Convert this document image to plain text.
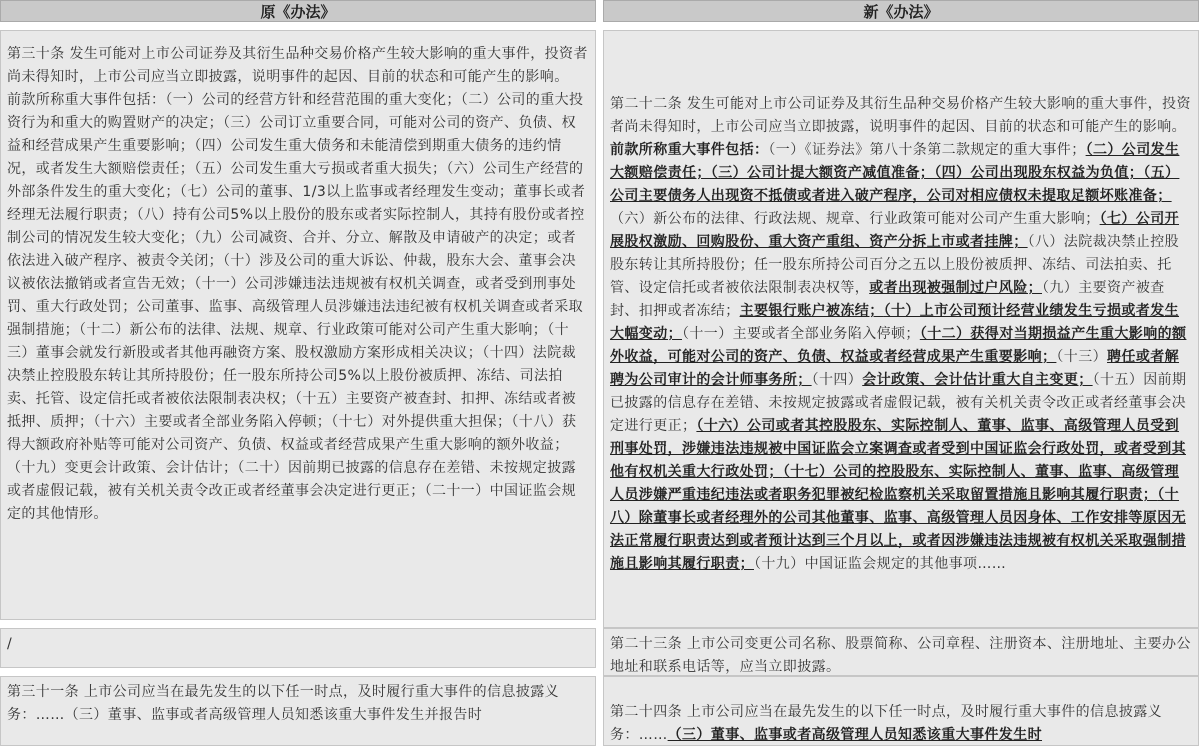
原《办法》

第三十条 发生可能对上市公司证券及其衍生品种交易价格产生较大影响的重大事件，投资者尚未得知时，上市公司应当立即披露，说明事件的起因、目前的状态和可能产生的影响。

前款所称重大事件包括：（一）公司的经营方针和经营范围的重大变化；（二）公司的重大投资行为和重大的购置财产的决定；（三）公司订立重要合同，可能对公司的资产、负债、权益和经营成果产生重要影响；（四）公司发生重大债务和未能清偿到期重大债务的违约情况，或者发生大额赔偿责任；（五）公司发生重大亏损或者重大损失；（六）公司生产经营的外部条件发生的重大变化；（七）公司的董事、1/3以上监事或者经理发生变动；董事长或者经理无法履行职责；（八）持有公司5%以上股份的股东或者实际控制人，其持有股份或者控制公司的情况发生较大变化；（九）公司减资、合并、分立、解散及申请破产的决定；或者依法进入破产程序、被责令关闭；（十）涉及公司的重大诉讼、仲裁，股东大会、董事会决议被依法撤销或者宣告无效；（十一）公司涉嫌违法违规被有权机关调查，或者受到刑事处罚、重大行政处罚；公司董事、监事、高级管理人员涉嫌违法违纪被有权机关调查或者采取强制措施；（十二）新公布的法律、法规、规章、行业政策可能对公司产生重大影响；（十三）董事会就发行新股或者其他再融资方案、股权激励方案形成相关决议；（十四）法院裁决禁止控股股东转让其所持股份；任一股东所持公司5%以上股份被质押、冻结、司法拍卖、托管、设定信托或者被依法限制表决权；（十五）主要资产被查封、扣押、冻结或者被抵押、质押；（十六）主要或者全部业务陷入停顿；（十七）对外提供重大担保；（十八）获得大额政府补贴等可能对公司资产、负债、权益或者经营成果产生重大影响的额外收益；（十九）变更会计政策、会计估计；（二十）因前期已披露的信息存在差错、未按规定披露或者虚假记载，被有关机关责令改正或者经董事会决定进行更正；（二十一）中国证监会规定的其他情形。

/

第三十一条 上市公司应当在最先发生的以下任一时点，及时履行重大事件的信息披露义务：……（三）董事、监事或者高级管理人员知悉该重大事件发生并报告时

新《办法》

第二十二条 发生可能对上市公司证券及其衍生品种交易价格产生较大影响的重大事件，投资者尚未得知时，上市公司应当立即披露，说明事件的起因、目前的状态和可能产生的影响。

前款所称重大事件包括：（一）《证券法》第八十条第二款规定的重大事件；（二）公司发生大额赔偿责任；（三）公司计提大额资产减值准备；（四）公司出现股东权益为负值；（五）公司主要债务人出现资不抵债或者进入破产程序，公司对相应债权未提取足额坏账准备；（六）新公布的法律、行政法规、规章、行业政策可能对公司产生重大影响；（七）公司开展股权激励、回购股份、重大资产重组、资产分拆上市或者挂牌；（八）法院裁决禁止控股股东转让其所持股份；任一股东所持公司百分之五以上股份被质押、冻结、司法拍卖、托管、设定信托或者被依法限制表决权等，或者出现被强制过户风险；（九）主要资产被查封、扣押或者冻结；主要银行账户被冻结；（十）上市公司预计经营业绩发生亏损或者发生大幅变动；（十一）主要或者全部业务陷入停顿；（十二）获得对当期损益产生重大影响的额外收益，可能对公司的资产、负债、权益或者经营成果产生重要影响；（十三）聘任或者解聘为公司审计的会计师事务所；（十四）会计政策、会计估计重大自主变更；（十五）因前期已披露的信息存在差错、未按规定披露或者虚假记载，被有关机关责令改正或者经董事会决定进行更正；（十六）公司或者其控股股东、实际控制人、董事、监事、高级管理人员受到刑事处罚，涉嫌违法违规被中国证监会立案调查或者受到中国证监会行政处罚，或者受到其他有权机关重大行政处罚；（十七）公司的控股股东、实际控制人、董事、监事、高级管理人员涉嫌严重违纪违法或者职务犯罪被纪检监察机关采取留置措施且影响其履行职责；（十八）除董事长或者经理外的公司其他董事、监事、高级管理人员因身体、工作安排等原因无法正常履行职责达到或者预计达到三个月以上，或者因涉嫌违法违规被有权机关采取强制措施且影响其履行职责；（十九）中国证监会规定的其他事项……

第二十三条 上市公司变更公司名称、股票简称、公司章程、注册资本、注册地址、主要办公地址和联系电话等，应当立即披露。

第二十四条 上市公司应当在最先发生的以下任一时点，及时履行重大事件的信息披露义务：……（三）董事、监事或者高级管理人员知悉该重大事件发生时
